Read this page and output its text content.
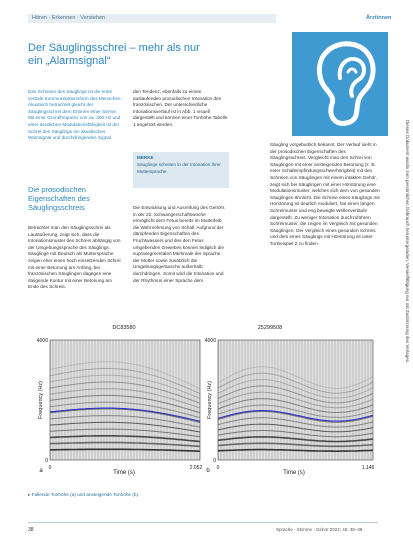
Hören · Erkennen · Verstehen	Ärztinnen
Dieses Dokument wurde zum persönlichen Gebrauch heruntergeladen. Vervielfältigung nur mit Zustimmung des Verlages.
Der Säuglingsschrei – mehr als nur
ein „Alarmsignal“
Das Schreien des Säuglings ist die erste verbale Kommunikationsform des Menschen. Akustisch betrachtet gleicht der Säuglingsschrei dem Ertönen einer Sirene. Mit einer Grundfrequenz von ca. 400 Hz und einer deutlichen Modulationsfähigkeit ist der Schrei des Säuglings ein akustisches Warnsignal und durchdringendes Signal.
Die prosodischen Eigenschaften des Säuglingsschreis
Betrachtet man den Säuglingsschrei als Lautäußerung, zeigt sich, dass die Intonationsmuster des Schreis abhängig von der Umgebungssprache des Säuglings. Säuglinge mit Deutsch als Muttersprache zeigen eher einen hoch einsetzenden Schrei mit einer Betonung am Anfang, bei französischen Säuglingen dagegen eine steigende Kontur mit einer Betonung am Ende des Schreis.
den Tendenz, ebenfalls zu einem auslaufenden prosodischen Intonation des französischen. Der unterschiedliche Intonationsverlauf ist in Abb. 1 visuell dargestellt und können einer Tonhöhe Tabelle 1 angehört werden.
MERKE
Säuglinge schreien in der Intonation ihrer Muttersprache.
Die Entwicklung und Ausreifung des Gehörs in der 22. Schwangerschaftswoche ermöglicht dem Fetus bereits im Mutterleib die Wahrnehmung von Schall. Aufgrund der dämpfenden Eigenschaften des Fruchtwassers und des den Fetus umgebenden Gewebes können lediglich die suprasegmentalen Merkmale der Sprache der Mutter sowie zusätzlich die Umgebungsgeräusche außerhalb durchdringen. Somit wird die Intonation und der Rhythmus einer Sprache dem
Säugling vorgeburtlich bekannt. Der Verlauf sieht in der prosodischen Eigenschaften des Säuglingsschreis. Vergleicht man den Schrei von Säuglingen mit einer ansteigenden Betonung (z. B. einer Schallempfindungsschwerhörigkeit) mit den Schreien von Säuglingen mit einem intakten Gehör, zeigt sich bei Säuglingen mit einer Hörstörung eine Modulationsmuster, welches sich dem von gesunden Säuglingen ähnlicht. Die Schreie eines Säuglings mit Hörstörung ist deutlich moduliert, hat einen langen Schreimuster und eng bewegte Wellenverläufe dargestellt. Zu weniger Intonation durchzuführen Schreimuster, die zeigen im Vergleich mit gesunden Säuglingen. Der Vergleich eines gesunden Schreis und dem eines Säuglings mit Hörstörung ist unter Tonbeispiel 2 zu finden.
DC83580
4000
0
Frequency (Hz)
0	2.052
Time (s)
a
25299508
4000
0
Frequency (Hz)
0	1.146
Time (s)
b
▸ Fallende Tonhöhe (a) und ansteigende Tonhöhe (b).
38	Sprache · Stimme · Gehör 2022; 46: 38–39
